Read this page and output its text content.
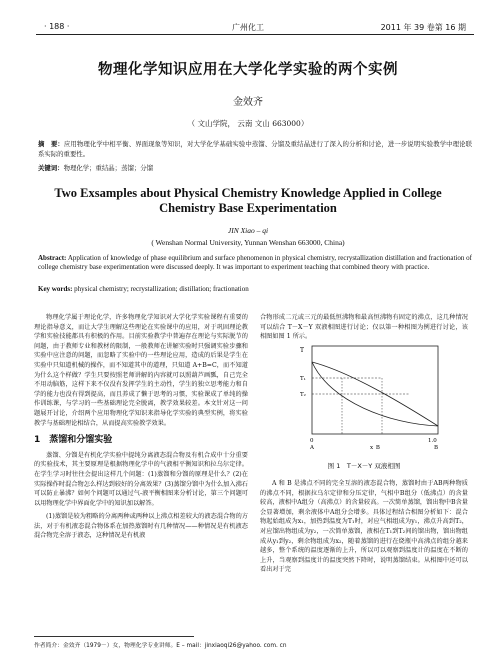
· 188 ·	广州化工	2011 年 39 卷第 16 期
物理化学知识应用在大学化学实验的两个实例
金效齐
（ 文山学院， 云南 文山 663000）
摘　要：应用物理化学中相平衡、界面现象等知识，对大学化学基础实验中蒸馏、分馏及重结晶进行了深入的分析和讨论，进一步说明实验教学中理论联系实际的重要性。
关键词：物理化学；重结晶；蒸馏；分馏
Two Exsamples about Physical Chemistry Knowledge Applied in College Chemistry Base Experimentation
JIN Xiao – qi
( Wenshan Normal University, Yunnan Wenshan 663000, China)
Abstract: Application of knowledge of phase equilibrium and surface phenomenon in physical chemistry, recrystallization distillation and fractionation of college chemistry base experimentation were discussed deeply. It was important to experiment teaching that combined theory with practice.
Key words: physical chemistry; recrystallization; distillation; fractionation

物理化学属于理论化学，许多物理化学知识对大学化学实验课程有重要的理论指导意义，而让大学生理解这些理论在实验课中的应用，对于巩固理论教学和实验技能都具有积极的作用。目前实验教学中普遍存在理论与实际脱节的问题，由于教师专业和教材的限制，一般教师在讲解实验时只强调实验步骤和实验中应注意的问题，而忽略了实验中的一些理论应用，造成的后果是学生在实验中只知道机械的操作，而不知道其中的道理，只知道 A+B=C，而不知道为什么这个样做？学生只要按照老师讲解的内容就可以照葫芦画瓢，自己完全不用动脑筋，这样下来不仅没有发挥学生的主动性，学生的独立思考能力和自学的能力也没有得到提高，而且养成了懒于思考的习惯，实验课成了单纯的操作训练课，与学习的一些基础理论完全脱离，教学效果较差。本文针对这一问题展开讨论，介绍两个应用物理化学知识来指导化学实验的典型实例，将实验教学与基础理论相结合，从而提高实验教学效果。

1　蒸馏和分馏实验

蒸馏、分馏是有机化学实验中提纯分离液态混合物及有机合成中十分重要的实验技术，其主要原理是根据物理化学中的气液相平衡知识和拉乌尔定律。在学生学习时往往会提出这样几个问题：(1)蒸馏和分馏的原理是什么？(2)在实际操作时混合物怎么样达到较好的分离效果？(3)蒸馏分馏中为什么加入沸石可以防止暴沸？如何个问题可以通过气-液平衡相图来分析讨论，第三个问题可以用物理化学中界面化学中的知识加以解答。

(1)蒸馏是较为粗略的分离两种或两种以上沸点相差较大的液态混合物的方法，对于有机液态混合物体系在加热蒸馏时有几种情况——种情况是有机液态混合物完全溶于液态，这种情况是有机液

合物形成二元或三元的最低恒沸物和最高恒沸物有固定的沸点，这几种情况可以结合 T－X－Y 双液相图进行讨论；仅以第一种相图为例进行讨论，该相图如图 1 所示。

T
T₁
T₂
0	1.0
A	B
x_B
图 1　T－X－Y 双液相图

A 和 B 是沸点不同的完全互溶的液态混合物，蒸馏时由于AB两种物质的沸点不同，根据拉乌尔定律和分压定律，气相中B组分（低沸点）的含量较高，液相中A组分（高沸点）的含量较高。一次简单蒸馏，馏出物中B含量会显著增加，剩余液体中A组分会增多。具体过程结合相图分析如下：混合物起始组成为x₁，加热到温度为T₁时，对应气相组成为y₁，沸点升高到T₂，对应馏出物组成为y₂，一次简单蒸馏，液相在T₁到T₂间的馏出物，馏出物组成从y₁到y₂，剩余物组成为x₂，随着蒸馏的进行在烧瓶中高沸点的组分越来越多，整个系统的温度逐渐的上升，所以可以观察到温度计的温度在不断的上升，当观察到温度计的温度突然下降时，说明蒸馏结束。从相图中还可以看出对于完

作者简介：金效齐（1979－）女，物理化学专业讲师。E – mail：jinxiaoqi26@yahoo. com. cn
